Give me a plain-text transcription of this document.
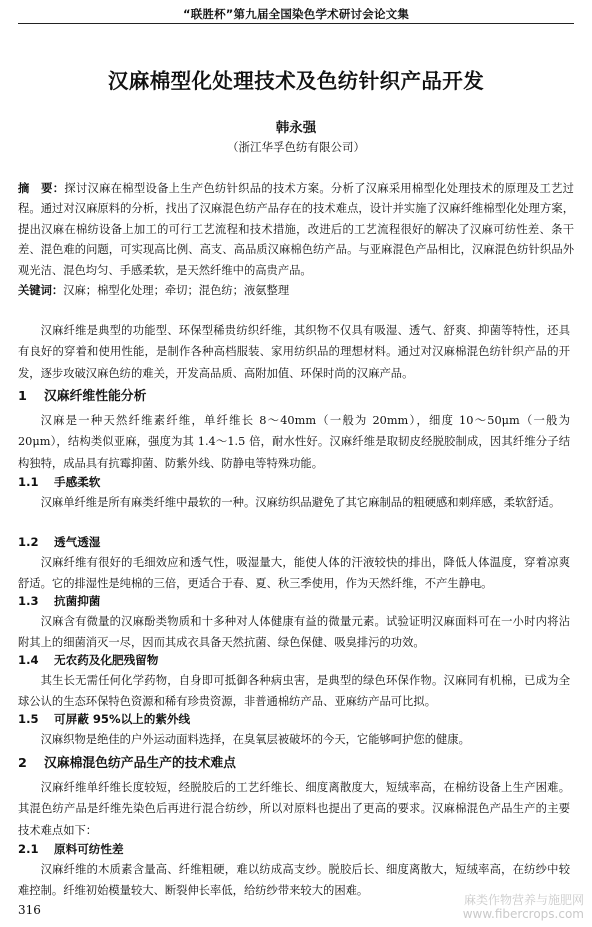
“联胜杯”第九届全国染色学术研讨会论文集
汉麻棉型化处理技术及色纺针织产品开发
韩永强
（浙江华孚色纺有限公司）
摘　要：探讨汉麻在棉型设备上生产色纺针织品的技术方案。分析了汉麻采用棉型化处理技术的原理及工艺过程。通过对汉麻原料的分析，找出了汉麻混色纺产品存在的技术难点，设计并实施了汉麻纤维棉型化处理方案，提出汉麻在棉纺设备上加工的可行工艺流程和技术措施，改进后的工艺流程很好的解决了汉麻可纺性差、条干差、混色难的问题，可实现高比例、高支、高品质汉麻棉色纺产品。与亚麻混色产品相比，汉麻混色纺针织品外观光洁、混色均匀、手感柔软，是天然纤维中的高贵产品。
关键词：汉麻；棉型化处理；牵切；混色纺；液氨整理
汉麻纤维是典型的功能型、环保型稀贵纺织纤维，其织物不仅具有吸湿、透气、舒爽、抑菌等特性，还具有良好的穿着和使用性能，是制作各种高档服装、家用纺织品的理想材料。通过对汉麻棉混色纺针织产品的开发，逐步攻破汉麻色纺的难关，开发高品质、高附加值、环保时尚的汉麻产品。
1 汉麻纤维性能分析
汉麻是一种天然纤维素纤维，单纤维长 8～40mm（一般为 20mm），细度 10～50μm（一般为 20μm），结构类似亚麻，强度为其 1.4～1.5 倍，耐水性好。汉麻纤维是取韧皮经脱胶制成，因其纤维分子结构独特，成品具有抗霉抑菌、防紫外线、防静电等特殊功能。
1.1 手感柔软
汉麻单纤维是所有麻类纤维中最软的一种。汉麻纺织品避免了其它麻制品的粗硬感和刺痒感，柔软舒适。
1.2 透气透湿
汉麻纤维有很好的毛细效应和透气性，吸湿量大，能使人体的汗液较快的排出，降低人体温度，穿着凉爽舒适。它的排湿性是纯棉的三倍，更适合于春、夏、秋三季使用，作为天然纤维，不产生静电。
1.3 抗菌抑菌
汉麻含有微量的汉麻酚类物质和十多种对人体健康有益的微量元素。试验证明汉麻面料可在一小时内将沾附其上的细菌消灭一尽，因而其成衣具备天然抗菌、绿色保健、吸臭排污的功效。
1.4 无农药及化肥残留物
其生长无需任何化学药物，自身即可抵御各种病虫害，是典型的绿色环保作物。汉麻同有机棉，已成为全球公认的生态环保特色资源和稀有珍贵资源，非普通棉纺产品、亚麻纺产品可比拟。
1.5 可屏蔽 95%以上的紫外线
汉麻织物是绝佳的户外运动面料选择，在臭氧层被破坏的今天，它能够呵护您的健康。
2 汉麻棉混色纺产品生产的技术难点
汉麻纤维单纤维长度较短，经脱胶后的工艺纤维长、细度离散度大，短绒率高，在棉纺设备上生产困难。其混色纺产品是纤维先染色后再进行混合纺纱，所以对原料也提出了更高的要求。汉麻棉混色产品生产的主要技术难点如下：
2.1 原料可纺性差
汉麻纤维的木质素含量高、纤维粗硬，难以纺成高支纱。脱胶后长、细度离散大，短绒率高，在纺纱中较难控制。纤维初始模量较大、断裂伸长率低，给纺纱带来较大的困难。
316
麻类作物营养与施肥网
www.fibercrops.com
